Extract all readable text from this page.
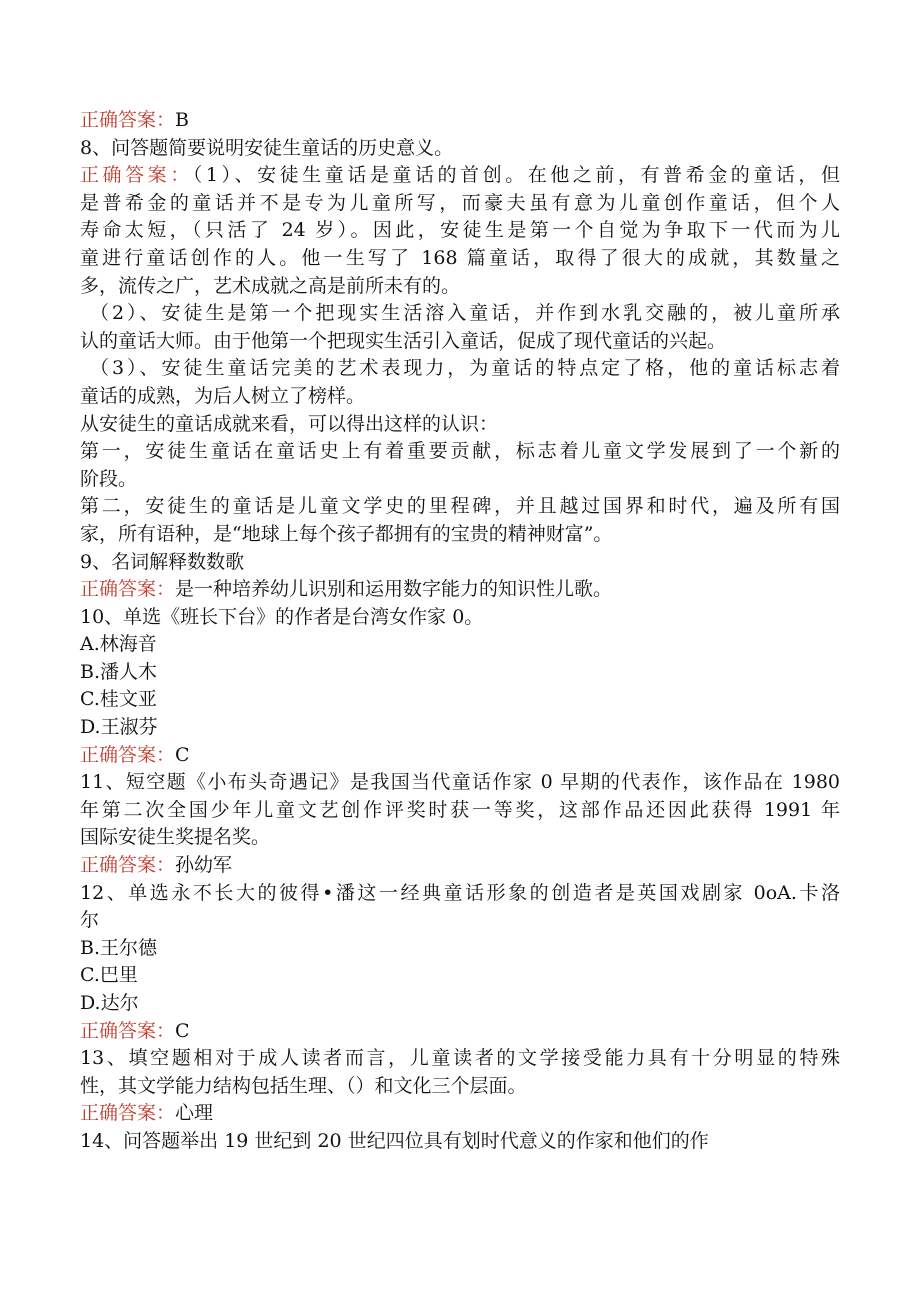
正确答案：B
8、问答题简要说明安徒生童话的历史意义。
正确答案：（1）、安徒生童话是童话的首创。在他之前，有普希金的童话，但
是普希金的童话并不是专为儿童所写，而豪夫虽有意为儿童创作童话，但个人
寿命太短，（只活了 24 岁）。因此，安徒生是第一个自觉为争取下一代而为儿
童进行童话创作的人。他一生写了 168 篇童话，取得了很大的成就，其数量之
多，流传之广，艺术成就之高是前所未有的。
（2）、安徒生是第一个把现实生活溶入童话，并作到水乳交融的，被儿童所承
认的童话大师。由于他第一个把现实生活引入童话，促成了现代童话的兴起。
（3）、安徒生童话完美的艺术表现力，为童话的特点定了格，他的童话标志着
童话的成熟，为后人树立了榜样。
从安徒生的童话成就来看，可以得出这样的认识：
第一，安徒生童话在童话史上有着重要贡献，标志着儿童文学发展到了一个新的
阶段。
第二，安徒生的童话是儿童文学史的里程碑，并且越过国界和时代，遍及所有国
家，所有语种，是“地球上每个孩子都拥有的宝贵的精神财富”。
9、名词解释数数歌
正确答案：是一种培养幼儿识别和运用数字能力的知识性儿歌。
10、单选《班长下台》的作者是台湾女作家 0。
A.林海音
B.潘人木
C.桂文亚
D.王淑芬
正确答案：C
11、短空题《小布头奇遇记》是我国当代童话作家 0 早期的代表作，该作品在 1980
年第二次全国少年儿童文艺创作评奖时获一等奖，这部作品还因此获得 1991 年
国际安徒生奖提名奖。
正确答案：孙幼军
12、单选永不长大的彼得•潘这一经典童话形象的创造者是英国戏剧家 0oA.卡洛
尔
B.王尔德
C.巴里
D.达尔
正确答案：C
13、填空题相对于成人读者而言，儿童读者的文学接受能力具有十分明显的特殊
性，其文学能力结构包括生理、（）和文化三个层面。
正确答案：心理
14、问答题举出 19 世纪到 20 世纪四位具有划时代意义的作家和他们的作
